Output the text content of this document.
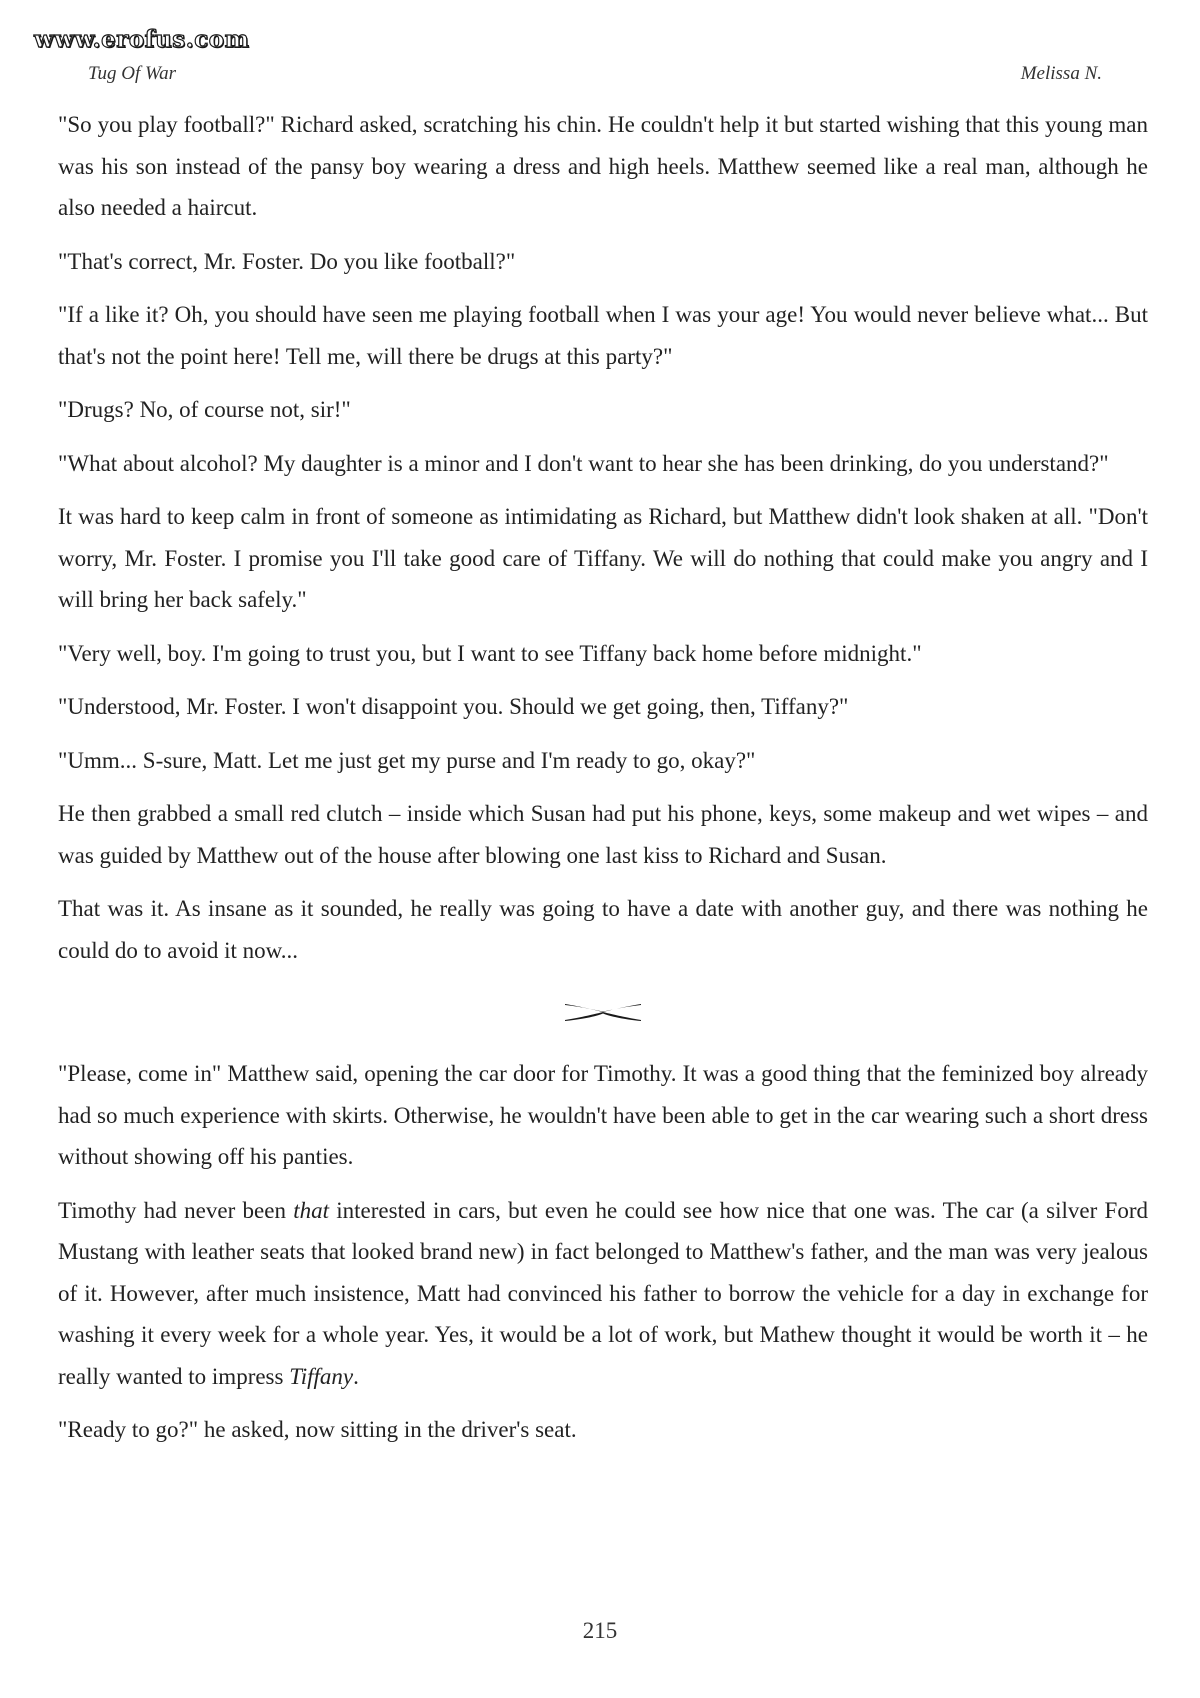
www.erofus.com
Tug Of War	Melissa N.

"So you play football?" Richard asked, scratching his chin. He couldn't help it but started wishing that this young man was his son instead of the pansy boy wearing a dress and high heels. Matthew seemed like a real man, although he also needed a haircut.

"That's correct, Mr. Foster. Do you like football?"

"If a like it? Oh, you should have seen me playing football when I was your age! You would never believe what... But that's not the point here! Tell me, will there be drugs at this party?"

"Drugs? No, of course not, sir!"

"What about alcohol? My daughter is a minor and I don't want to hear she has been drinking, do you understand?"

It was hard to keep calm in front of someone as intimidating as Richard, but Matthew didn't look shaken at all. "Don't worry, Mr. Foster. I promise you I'll take good care of Tiffany. We will do nothing that could make you angry and I will bring her back safely."

"Very well, boy. I'm going to trust you, but I want to see Tiffany back home before midnight."

"Understood, Mr. Foster. I won't disappoint you. Should we get going, then, Tiffany?"

"Umm... S-sure, Matt. Let me just get my purse and I'm ready to go, okay?"

He then grabbed a small red clutch – inside which Susan had put his phone, keys, some makeup and wet wipes – and was guided by Matthew out of the house after blowing one last kiss to Richard and Susan.

That was it. As insane as it sounded, he really was going to have a date with another guy, and there was nothing he could do to avoid it now...

"Please, come in" Matthew said, opening the car door for Timothy. It was a good thing that the feminized boy already had so much experience with skirts. Otherwise, he wouldn't have been able to get in the car wearing such a short dress without showing off his panties.

Timothy had never been that interested in cars, but even he could see how nice that one was. The car (a silver Ford Mustang with leather seats that looked brand new) in fact belonged to Matthew's father, and the man was very jealous of it. However, after much insistence, Matt had convinced his father to borrow the vehicle for a day in exchange for washing it every week for a whole year. Yes, it would be a lot of work, but Mathew thought it would be worth it – he really wanted to impress Tiffany.

"Ready to go?" he asked, now sitting in the driver's seat.

215
